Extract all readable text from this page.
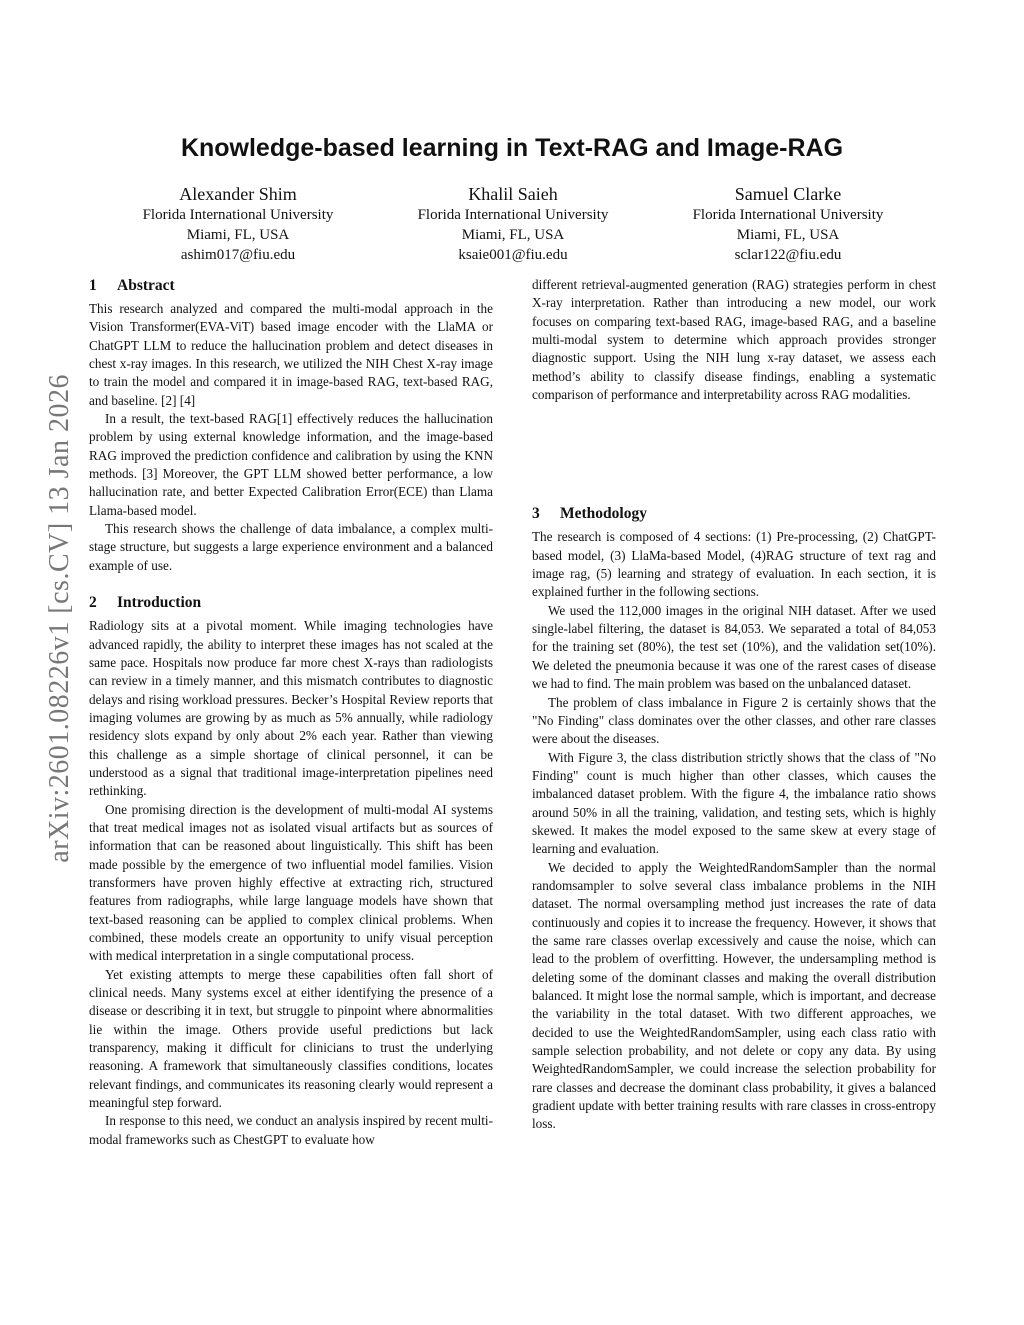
arXiv:2601.08226v1 [cs.CV] 13 Jan 2026
Knowledge-based learning in Text-RAG and Image-RAG
Alexander Shim
Florida International University
Miami, FL, USA
ashim017@fiu.edu
Khalil Saieh
Florida International University
Miami, FL, USA
ksaie001@fiu.edu
Samuel Clarke
Florida International University
Miami, FL, USA
sclar122@fiu.edu
1 Abstract

This research analyzed and compared the multi-modal approach in the Vision Transformer(EVA-ViT) based image encoder with the LlaMA or ChatGPT LLM to reduce the hallucination problem and detect diseases in chest x-ray images. In this research, we utilized the NIH Chest X-ray image to train the model and compared it in image-based RAG, text-based RAG, and baseline. [2] [4]

In a result, the text-based RAG[1] effectively reduces the hallucination problem by using external knowledge information, and the image-based RAG improved the prediction confidence and calibration by using the KNN methods. [3] Moreover, the GPT LLM showed better performance, a low hallucination rate, and better Expected Calibration Error(ECE) than Llama Llama-based model.

This research shows the challenge of data imbalance, a complex multi-stage structure, but suggests a large experience environment and a balanced example of use.

2 Introduction

Radiology sits at a pivotal moment. While imaging technologies have advanced rapidly, the ability to interpret these images has not scaled at the same pace. Hospitals now produce far more chest X-rays than radiologists can review in a timely manner, and this mismatch contributes to diagnostic delays and rising workload pressures. Becker’s Hospital Review reports that imaging volumes are growing by as much as 5% annually, while radiology residency slots expand by only about 2% each year. Rather than viewing this challenge as a simple shortage of clinical personnel, it can be understood as a signal that traditional image-interpretation pipelines need rethinking.

One promising direction is the development of multi-modal AI systems that treat medical images not as isolated visual artifacts but as sources of information that can be reasoned about linguistically. This shift has been made possible by the emergence of two influential model families. Vision transformers have proven highly effective at extracting rich, structured features from radiographs, while large language models have shown that text-based reasoning can be applied to complex clinical problems. When combined, these models create an opportunity to unify visual perception with medical interpretation in a single computational process.

Yet existing attempts to merge these capabilities often fall short of clinical needs. Many systems excel at either identifying the presence of a disease or describing it in text, but struggle to pinpoint where abnormalities lie within the image. Others provide useful predictions but lack transparency, making it difficult for clinicians to trust the underlying reasoning. A framework that simultaneously classifies conditions, locates relevant findings, and communicates its reasoning clearly would represent a meaningful step forward.

In response to this need, we conduct an analysis inspired by recent multi-modal frameworks such as ChestGPT to evaluate how

different retrieval-augmented generation (RAG) strategies perform in chest X-ray interpretation. Rather than introducing a new model, our work focuses on comparing text-based RAG, image-based RAG, and a baseline multi-modal system to determine which approach provides stronger diagnostic support. Using the NIH lung x-ray dataset, we assess each method’s ability to classify disease findings, enabling a systematic comparison of performance and interpretability across RAG modalities.

3 Methodology

The research is composed of 4 sections: (1) Pre-processing, (2) ChatGPT-based model, (3) LlaMa-based Model, (4)RAG structure of text rag and image rag, (5) learning and strategy of evaluation. In each section, it is explained further in the following sections.

We used the 112,000 images in the original NIH dataset. After we used single-label filtering, the dataset is 84,053. We separated a total of 84,053 for the training set (80%), the test set (10%), and the validation set(10%). We deleted the pneumonia because it was one of the rarest cases of disease we had to find. The main problem was based on the unbalanced dataset.

The problem of class imbalance in Figure 2 is certainly shows that the "No Finding" class dominates over the other classes, and other rare classes were about the diseases.

With Figure 3, the class distribution strictly shows that the class of "No Finding" count is much higher than other classes, which causes the imbalanced dataset problem. With the figure 4, the imbalance ratio shows around 50% in all the training, validation, and testing sets, which is highly skewed. It makes the model exposed to the same skew at every stage of learning and evaluation.

We decided to apply the WeightedRandomSampler than the normal randomsampler to solve several class imbalance problems in the NIH dataset. The normal oversampling method just increases the rate of data continuously and copies it to increase the frequency. However, it shows that the same rare classes overlap excessively and cause the noise, which can lead to the problem of overfitting. However, the undersampling method is deleting some of the dominant classes and making the overall distribution balanced. It might lose the normal sample, which is important, and decrease the variability in the total dataset. With two different approaches, we decided to use the WeightedRandomSampler, using each class ratio with sample selection probability, and not delete or copy any data. By using WeightedRandomSampler, we could increase the selection probability for rare classes and decrease the dominant class probability, it gives a balanced gradient update with better training results with rare classes in cross-entropy loss.
